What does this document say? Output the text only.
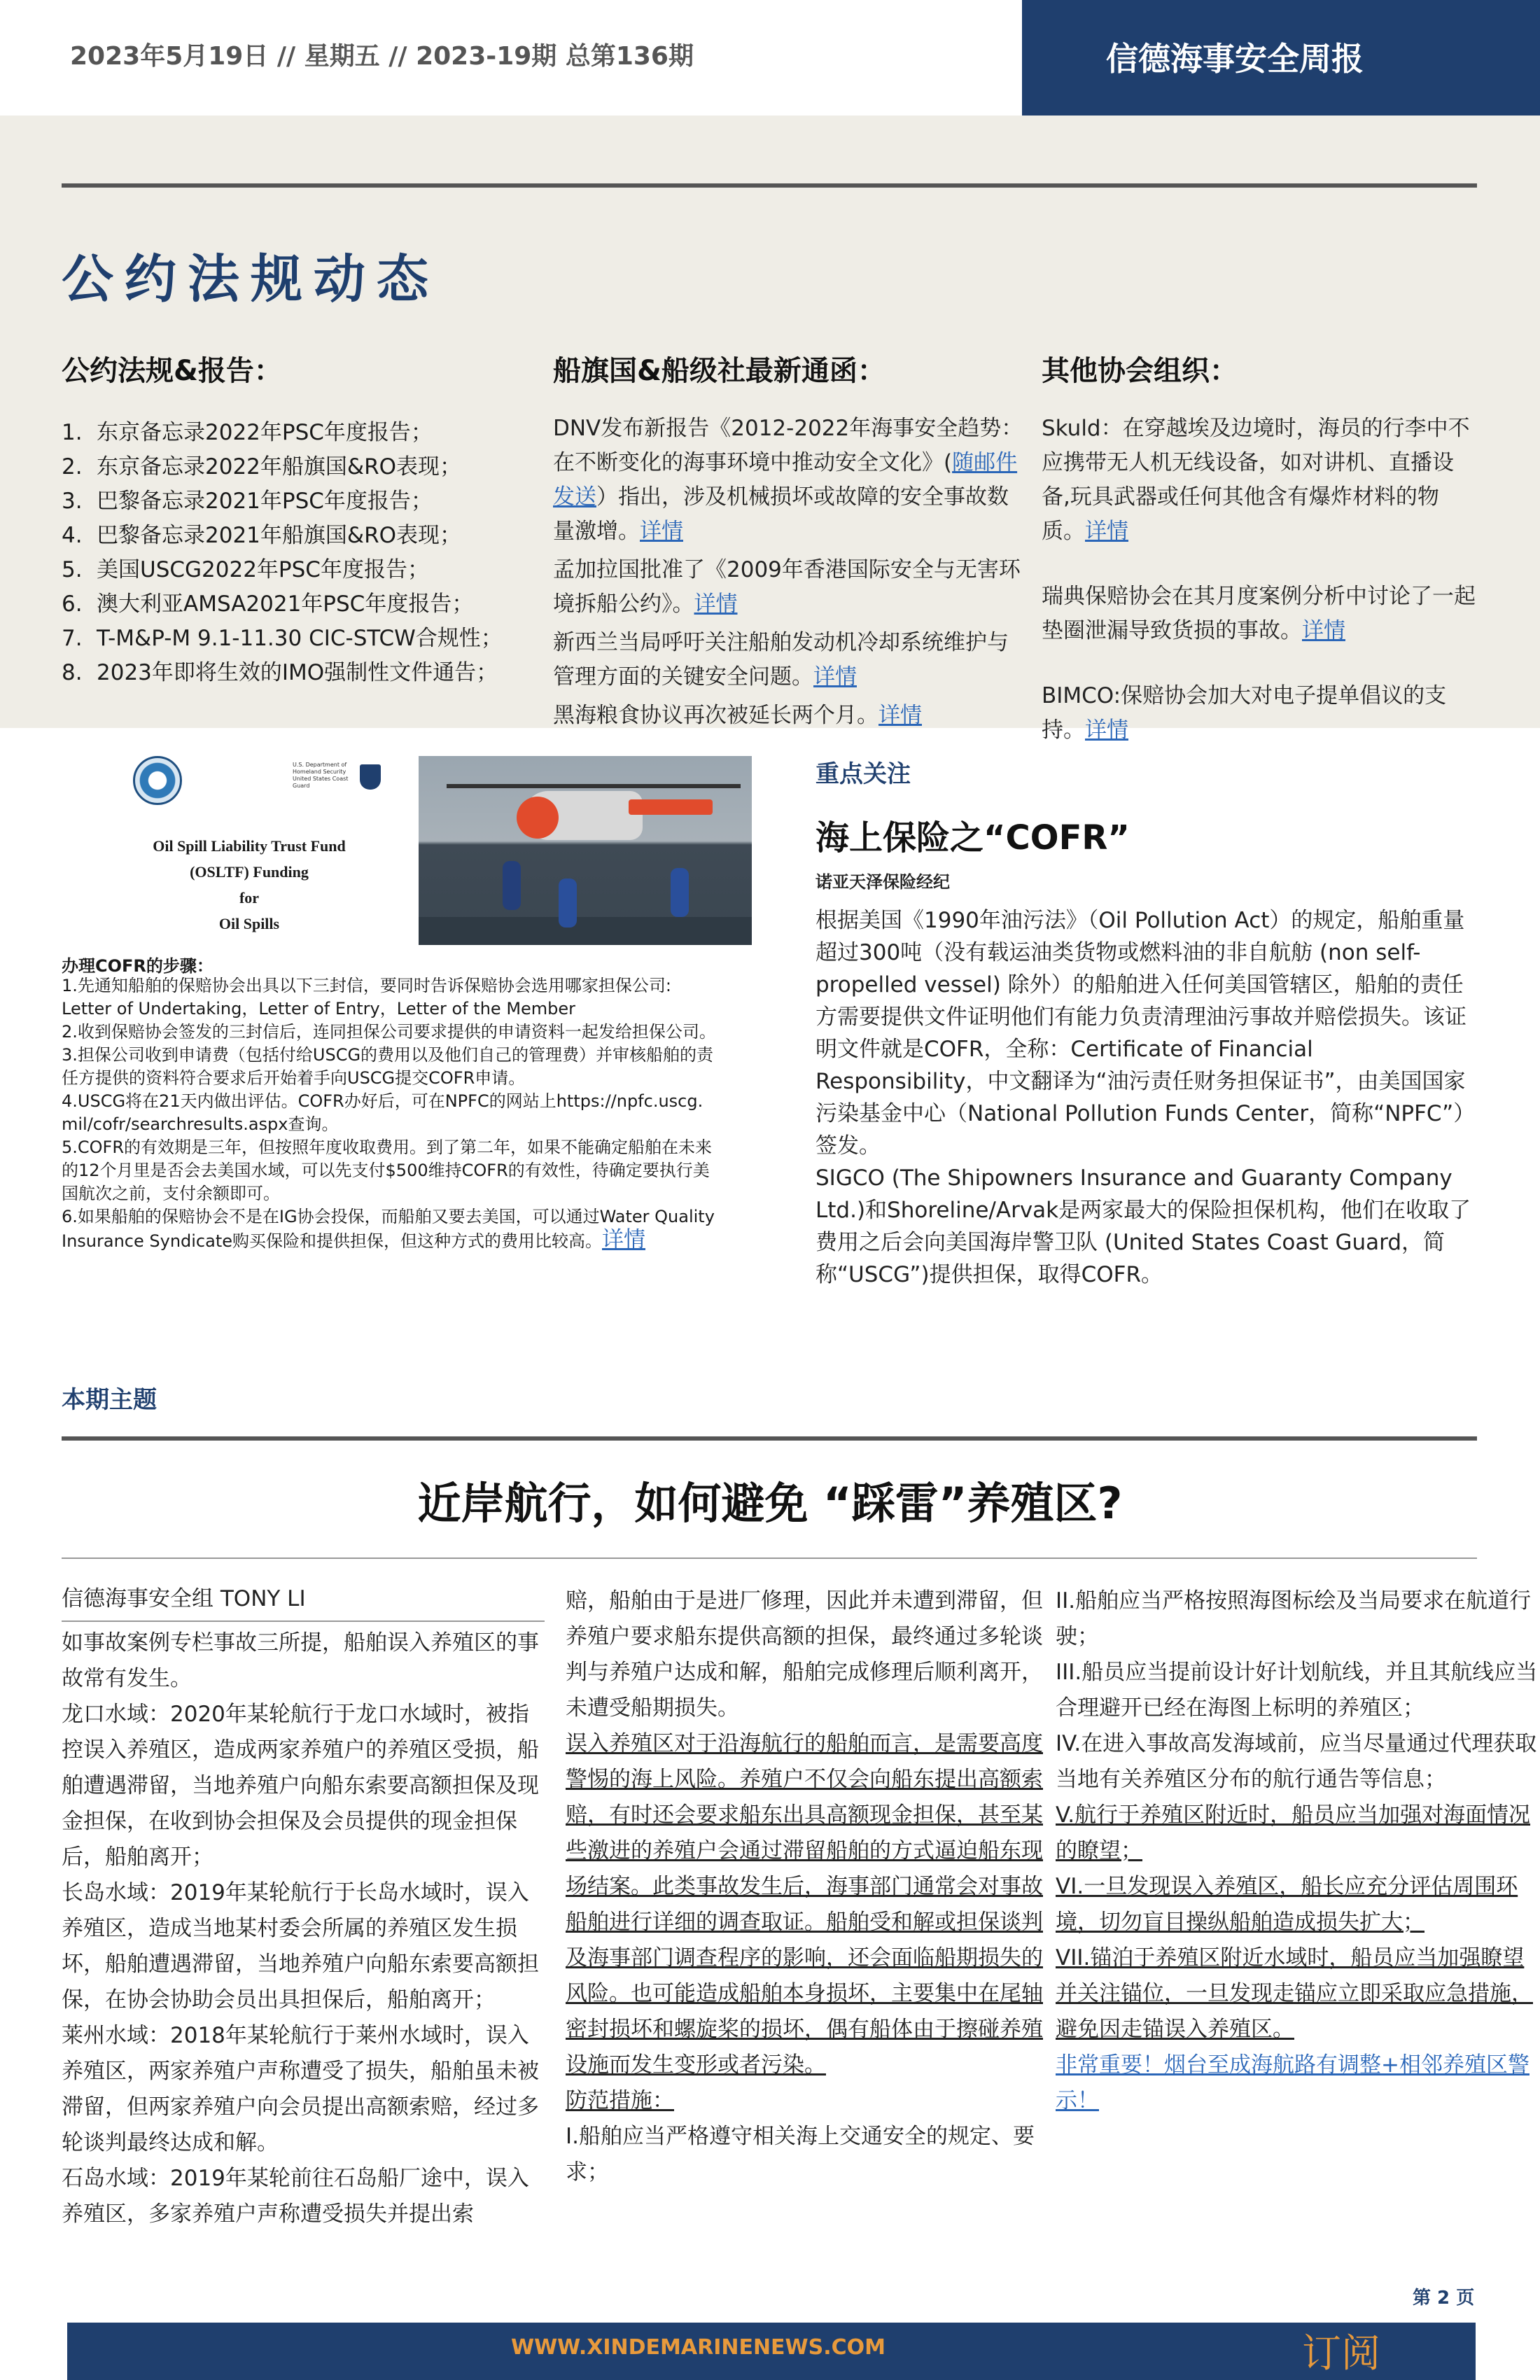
2023年5月19日 // 星期五 // 2023-19期 总第136期	信德海事安全周报
公约法规动态
公约法规&报告：
1. 东京备忘录2022年PSC年度报告；
2. 东京备忘录2022年船旗国&RO表现；
3. 巴黎备忘录2021年PSC年度报告；
4. 巴黎备忘录2021年船旗国&RO表现；
5. 美国USCG2022年PSC年度报告；
6. 澳大利亚AMSA2021年PSC年度报告；
7. T-M&P-M 9.1-11.30 CIC-STCW合规性；
8. 2023年即将生效的IMO强制性文件通告；
船旗国&船级社最新通函：

DNV发布新报告《2012-2022年海事安全趋势：在不断变化的海事环境中推动安全文化》(随邮件发送）指出，涉及机械损坏或故障的安全事故数量激增。详情

孟加拉国批准了《2009年香港国际安全与无害环境拆船公约》。详情

新西兰当局呼吁关注船舶发动机冷却系统维护与管理方面的关键安全问题。详情

黑海粮食协议再次被延长两个月。详情

其他协会组织：

Skuld：在穿越埃及边境时，海员的行李中不应携带无人机无线设备，如对讲机、直播设备,玩具武器或任何其他含有爆炸材料的物质。详情

瑞典保赔协会在其月度案例分析中讨论了一起垫圈泄漏导致货损的事故。详情

BIMCO:保赔协会加大对电子提单倡议的支持。详情

U.S. Department of Homeland Security United States Coast Guard
Oil Spill Liability Trust Fund
(OSLTF) Funding
for
Oil Spills
办理COFR的步骤：

1.先通知船舶的保赔协会出具以下三封信，要同时告诉保赔协会选用哪家担保公司:

Letter of Undertaking，Letter of Entry，Letter of the Member

2.收到保赔协会签发的三封信后，连同担保公司要求提供的申请资料一起发给担保公司。

3.担保公司收到申请费（包括付给USCG的费用以及他们自己的管理费）并审核船舶的责

任方提供的资料符合要求后开始着手向USCG提交COFR申请。

4.USCG将在21天内做出评估。COFR办好后，可在NPFC的网站上https://npfc.uscg.

mil/cofr/searchresults.aspx查询。

5.COFR的有效期是三年，但按照年度收取费用。到了第二年，如果不能确定船舶在未来

的12个月里是否会去美国水域，可以先支付$500维持COFR的有效性，待确定要执行美

国航次之前，支付余额即可。

6.如果船舶的保赔协会不是在IG协会投保，而船舶又要去美国，可以通过Water Quality

Insurance Syndicate购买保险和提供担保，但这种方式的费用比较高。详情

重点关注
海上保险之“COFR”
诺亚天泽保险经纪

根据美国《1990年油污法》（Oil Pollution Act）的规定，船舶重量超过300吨（没有载运油类货物或燃料油的非自航舫 (non self-propelled vessel) 除外）的船舶进入任何美国管辖区，船舶的责任方需要提供文件证明他们有能力负责清理油污事故并赔偿损失。该证明文件就是COFR，全称：Certificate of Financial Responsibility，中文翻译为“油污责任财务担保证书”，由美国国家污染基金中心（National Pollution Funds Center，简称“NPFC”）签发。

SIGCO (The Shipowners Insurance and Guaranty Company Ltd.)和Shoreline/Arvak是两家最大的保险担保机构，他们在收取了费用之后会向美国海岸警卫队 (United States Coast Guard，简称“USCG”)提供担保，取得COFR。

本期主题
近岸航行，如何避免 “踩雷”养殖区?
信德海事安全组 TONY LI

如事故案例专栏事故三所提，船舶误入养殖区的事故常有发生。

龙口水域：2020年某轮航行于龙口水域时，被指控误入养殖区，造成两家养殖户的养殖区受损，船舶遭遇滞留，当地养殖户向船东索要高额担保及现金担保，在收到协会担保及会员提供的现金担保后，船舶离开；

长岛水域：2019年某轮航行于长岛水域时，误入养殖区，造成当地某村委会所属的养殖区发生损坏，船舶遭遇滞留，当地养殖户向船东索要高额担保，在协会协助会员出具担保后，船舶离开；

莱州水域：2018年某轮航行于莱州水域时，误入养殖区，两家养殖户声称遭受了损失，船舶虽未被滞留，但两家养殖户向会员提出高额索赔，经过多轮谈判最终达成和解。

石岛水域：2019年某轮前往石岛船厂途中，误入养殖区，多家养殖户声称遭受损失并提出索

赔，船舶由于是进厂修理，因此并未遭到滞留，但养殖户要求船东提供高额的担保，最终通过多轮谈判与养殖户达成和解，船舶完成修理后顺利离开，未遭受船期损失。

误入养殖区对于沿海航行的船舶而言，是需要高度警惕的海上风险。养殖户不仅会向船东提出高额索赔，有时还会要求船东出具高额现金担保，甚至某些激进的养殖户会通过滞留船舶的方式逼迫船东现场结案。此类事故发生后，海事部门通常会对事故船舶进行详细的调查取证。船舶受和解或担保谈判及海事部门调查程序的影响，还会面临船期损失的风险。也可能造成船舶本身损坏，主要集中在尾轴密封损坏和螺旋桨的损坏，偶有船体由于擦碰养殖设施而发生变形或者污染。

防范措施：

I.船舶应当严格遵守相关海上交通安全的规定、要求；

II.船舶应当严格按照海图标绘及当局要求在航道行驶；

III.船员应当提前设计好计划航线，并且其航线应当合理避开已经在海图上标明的养殖区；

IV.在进入事故高发海域前，应当尽量通过代理获取当地有关养殖区分布的航行通告等信息；

V.航行于养殖区附近时，船员应当加强对海面情况的瞭望；

VI.一旦发现误入养殖区，船长应充分评估周围环境，切勿盲目操纵船舶造成损失扩大；

VII.锚泊于养殖区附近水域时，船员应当加强瞭望并关注锚位，一旦发现走锚应立即采取应急措施，避免因走锚误入养殖区。

非常重要！烟台至成海航路有调整+相邻养殖区警示！

第 2 页
WWW.XINDEMARINENEWS.COM	订阅
